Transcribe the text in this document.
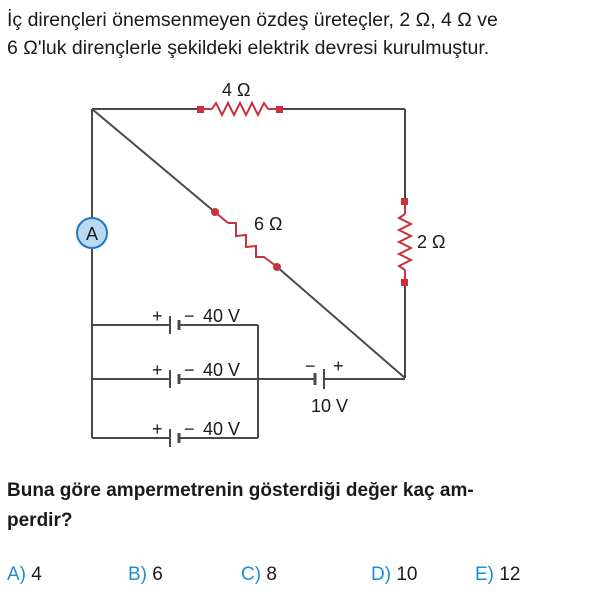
İç dirençleri önemsenmeyen özdeş üreteçler, 2 Ω, 4 Ω ve
6 Ω'luk dirençlerle şekildeki elektrik devresi kurulmuştur.
4 Ω
6 Ω
2 Ω
A
+ − 40 V
+ − 40 V
+ − 40 V
− +
10 V
Buna göre ampermetrenin gösterdiği değer kaç am-
perdir?
A) 4	B) 6	C) 8	D) 10	E) 12
